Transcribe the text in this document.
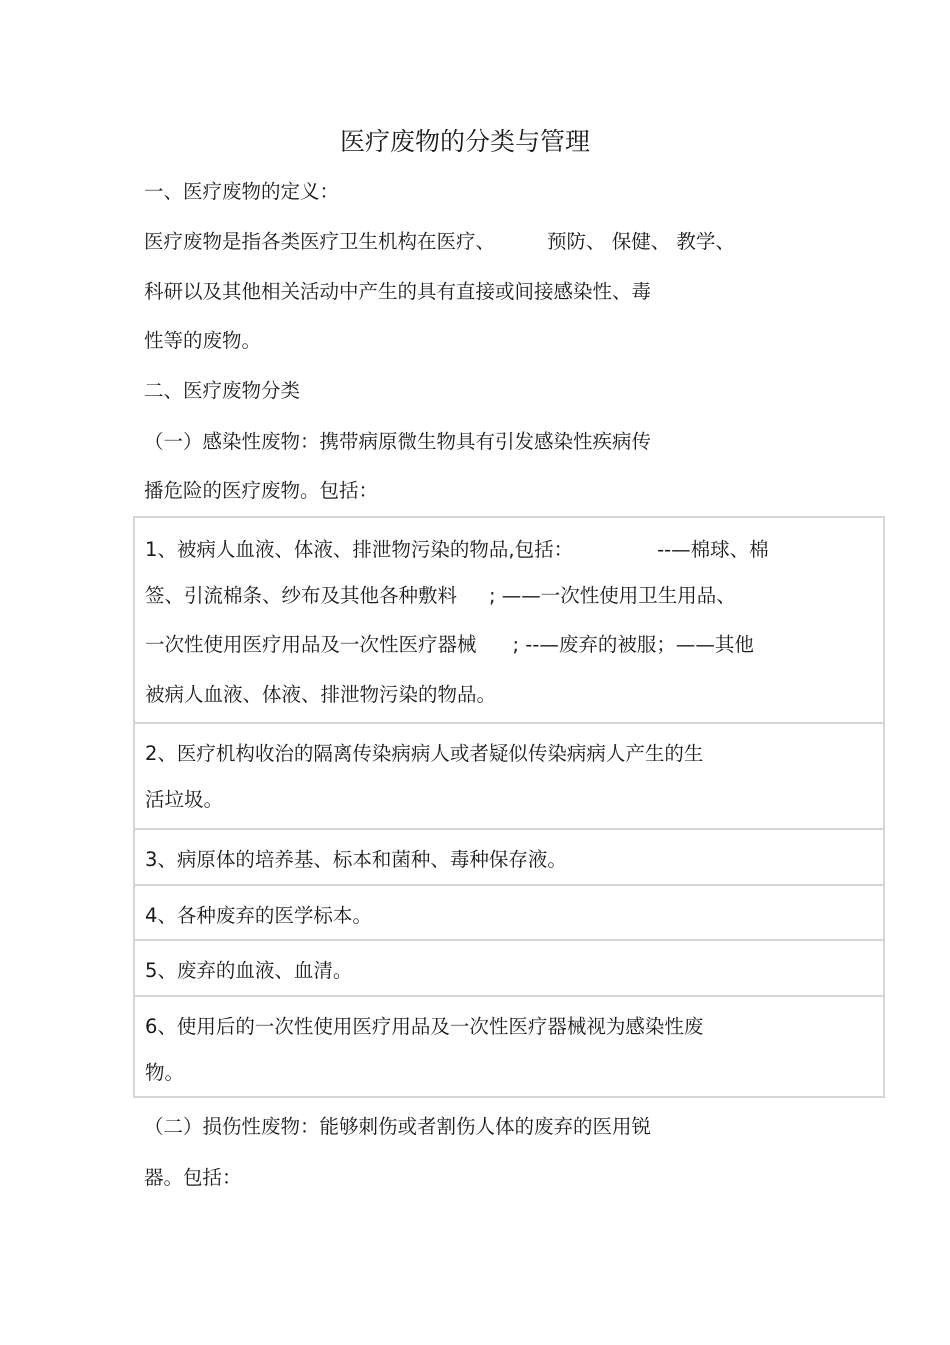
医疗废物的分类与管理
一、医疗废物的定义：
医疗废物是指各类医疗卫生机构在医疗、	预防、 保健、 教学、
科研以及其他相关活动中产生的具有直接或间接感染性、毒
性等的废物。
二、医疗废物分类
（一）感染性废物：携带病原微生物具有引发感染性疾病传
播危险的医疗废物。包括：
1、被病人血液、体液、排泄物污染的物品,包括：	--—棉球、棉
签、引流棉条、纱布及其他各种敷料 ; ——一次性使用卫生用品、
一次性使用医疗用品及一次性医疗器械 ; --—废弃的被服；——其他
被病人血液、体液、排泄物污染的物品。
2、医疗机构收治的隔离传染病病人或者疑似传染病病人产生的生
活垃圾。
3、病原体的培养基、标本和菌种、毒种保存液。
4、各种废弃的医学标本。
5、废弃的血液、血清。
6、使用后的一次性使用医疗用品及一次性医疗器械视为感染性废
物。
（二）损伤性废物：能够刺伤或者割伤人体的废弃的医用锐
器。包括：
